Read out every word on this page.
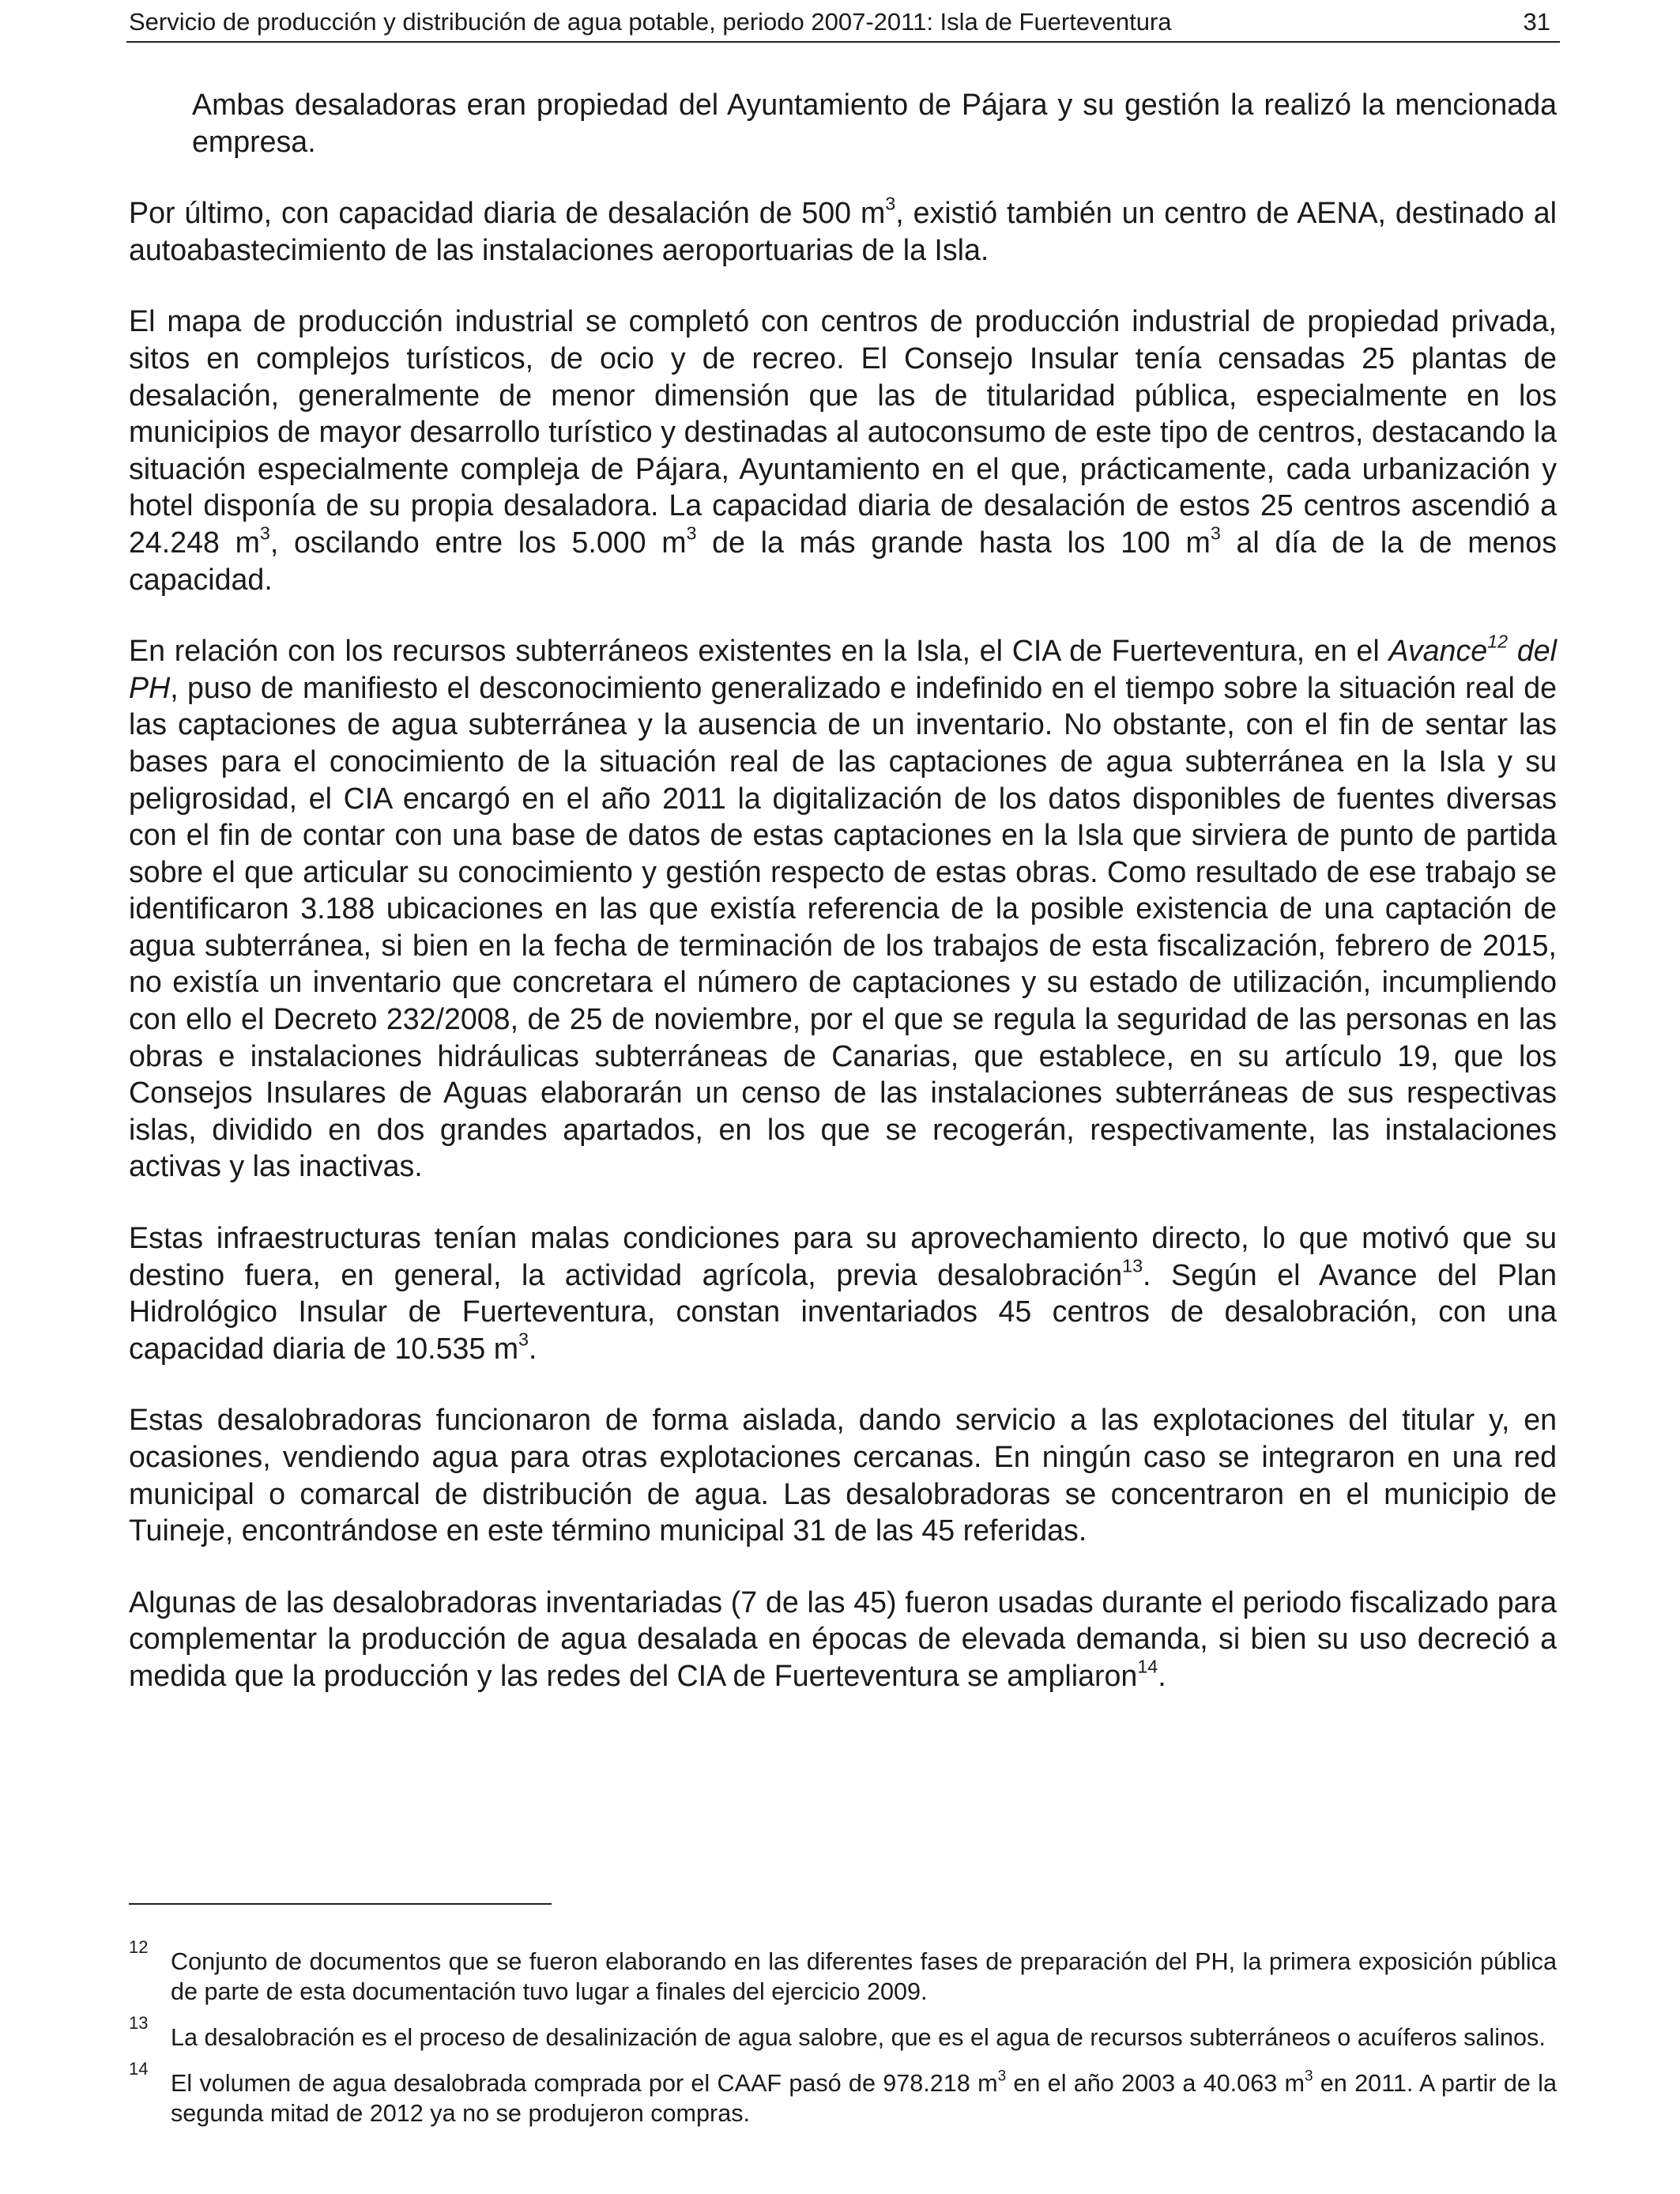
Servicio de producción y distribución de agua potable, periodo 2007-2011: Isla de Fuerteventura	31

Ambas desaladoras eran propiedad del Ayuntamiento de Pájara y su gestión la realizó la mencionada empresa.

Por último, con capacidad diaria de desalación de 500 $m^3$, existió también un centro de AENA, destinado al autoabastecimiento de las instalaciones aeroportuarias de la Isla.

El mapa de producción industrial se completó con centros de producción industrial de propiedad privada, sitos en complejos turísticos, de ocio y de recreo. El Consejo Insular tenía censadas 25 plantas de desalación, generalmente de menor dimensión que las de titularidad pública, especialmente en los municipios de mayor desarrollo turístico y destinadas al autoconsumo de este tipo de centros, destacando la situación especialmente compleja de Pájara, Ayuntamiento en el que, prácticamente, cada urbanización y hotel disponía de su propia desaladora. La capacidad diaria de desalación de estos 25 centros ascendió a 24.248 $m^3$, oscilando entre los 5.000 $m^3$ de la más grande hasta los 100 $m^3$ al día de la de menos capacidad.

En relación con los recursos subterráneos existentes en la Isla, el CIA de Fuerteventura, en el Avance$^{12}$ del PH, puso de manifiesto el desconocimiento generalizado e indefinido en el tiempo sobre la situación real de las captaciones de agua subterránea y la ausencia de un inventario. No obstante, con el fin de sentar las bases para el conocimiento de la situación real de las captaciones de agua subterránea en la Isla y su peligrosidad, el CIA encargó en el año 2011 la digitalización de los datos disponibles de fuentes diversas con el fin de contar con una base de datos de estas captaciones en la Isla que sirviera de punto de partida sobre el que articular su conocimiento y gestión respecto de estas obras. Como resultado de ese trabajo se identificaron 3.188 ubicaciones en las que existía referencia de la posible existencia de una captación de agua subterránea, si bien en la fecha de terminación de los trabajos de esta fiscalización, febrero de 2015, no existía un inventario que concretara el número de captaciones y su estado de utilización, incumpliendo con ello el Decreto 232/2008, de 25 de noviembre, por el que se regula la seguridad de las personas en las obras e instalaciones hidráulicas subterráneas de Canarias, que establece, en su artículo 19, que los Consejos Insulares de Aguas elaborarán un censo de las instalaciones subterráneas de sus respectivas islas, dividido en dos grandes apartados, en los que se recogerán, respectivamente, las instalaciones activas y las inactivas.

Estas infraestructuras tenían malas condiciones para su aprovechamiento directo, lo que motivó que su destino fuera, en general, la actividad agrícola, previa desalobración$^{13}$. Según el Avance del Plan Hidrológico Insular de Fuerteventura, constan inventariados 45 centros de desalobración, con una capacidad diaria de 10.535 $m^3$.

Estas desalobradoras funcionaron de forma aislada, dando servicio a las explotaciones del titular y, en ocasiones, vendiendo agua para otras explotaciones cercanas. En ningún caso se integraron en una red municipal o comarcal de distribución de agua. Las desalobradoras se concentraron en el municipio de Tuineje, encontrándose en este término municipal 31 de las 45 referidas.

Algunas de las desalobradoras inventariadas (7 de las 45) fueron usadas durante el periodo fiscalizado para complementar la producción de agua desalada en épocas de elevada demanda, si bien su uso decreció a medida que la producción y las redes del CIA de Fuerteventura se ampliaron$^{14}$.

12
Conjunto de documentos que se fueron elaborando en las diferentes fases de preparación del PH, la primera exposición pública de parte de esta documentación tuvo lugar a finales del ejercicio 2009.
13
La desalobración es el proceso de desalinización de agua salobre, que es el agua de recursos subterráneos o acuíferos salinos.
14
El volumen de agua desalobrada comprada por el CAAF pasó de 978.218 $m^3$ en el año 2003 a 40.063 $m^3$ en 2011. A partir de la segunda mitad de 2012 ya no se produjeron compras.
